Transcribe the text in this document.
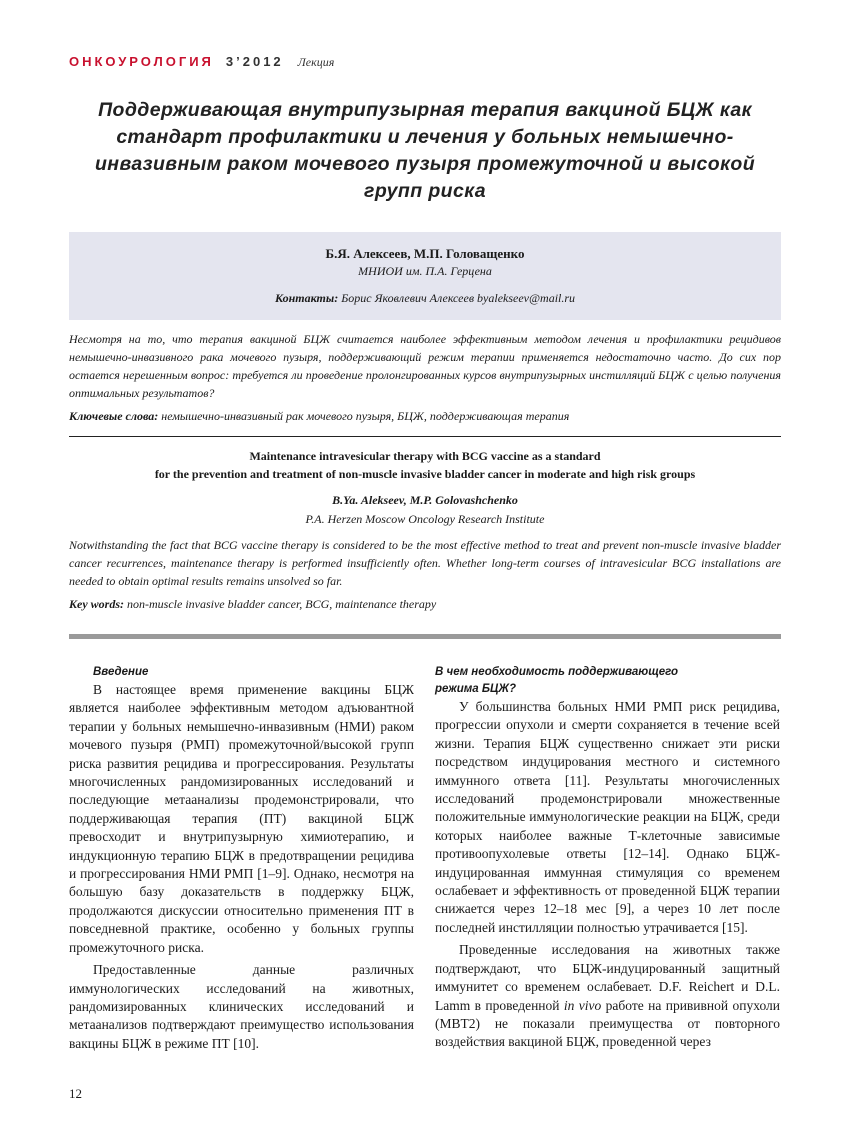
ОНКОУРОЛОГИЯ 3’2012 Лекция
Поддерживающая внутрипузырная терапия вакциной БЦЖ как стандарт профилактики и лечения у больных немышечно-инвазивным раком мочевого пузыря промежуточной и высокой групп риска
Б.Я. Алексеев, М.П. Головащенко
МНИОИ им. П.А. Герцена
Контакты: Борис Яковлевич Алексеев byalekseev@mail.ru
Несмотря на то, что терапия вакциной БЦЖ считается наиболее эффективным методом лечения и профилактики рецидивов немышечно-инвазивного рака мочевого пузыря, поддерживающий режим терапии применяется недостаточно часто. До сих пор остается нерешенным вопрос: требуется ли проведение пролонгированных курсов внутрипузырных инстилляций БЦЖ с целью получения оптимальных результатов?
Ключевые слова: немышечно-инвазивный рак мочевого пузыря, БЦЖ, поддерживающая терапия
Maintenance intravesicular therapy with BCG vaccine as a standard
for the prevention and treatment of non-muscle invasive bladder cancer in moderate and high risk groups
B.Ya. Alekseev, M.P. Golovashchenko
P.A. Herzen Moscow Oncology Research Institute
Notwithstanding the fact that BCG vaccine therapy is considered to be the most effective method to treat and prevent non-muscle invasive bladder cancer recurrences, maintenance therapy is performed insufficiently often. Whether long-term courses of intravesicular BCG installations are needed to obtain optimal results remains unsolved so far.
Key words: non-muscle invasive bladder cancer, BCG, maintenance therapy
Введение

В настоящее время применение вакцины БЦЖ является наиболее эффективным методом адъювантной терапии у больных немышечно-инвазивным (НМИ) раком мочевого пузыря (РМП) промежуточной/высокой групп риска развития рецидива и прогрессирования. Результаты многочисленных рандомизированных исследований и последующие метаанализы продемонстрировали, что поддерживающая терапия (ПТ) вакциной БЦЖ превосходит и внутрипузырную химиотерапию, и индукционную терапию БЦЖ в предотвращении рецидива и прогрессирования НМИ РМП [1–9]. Однако, несмотря на большую базу доказательств в поддержку БЦЖ, продолжаются дискуссии относительно применения ПТ в повседневной практике, особенно у больных группы промежуточного риска.

Предоставленные данные различных иммунологических исследований на животных, рандомизированных клинических исследований и метаанализов подтверждают преимущество использования вакцины БЦЖ в режиме ПТ [10].

В чем необходимость поддерживающего
режима БЦЖ?

У большинства больных НМИ РМП риск рецидива, прогрессии опухоли и смерти сохраняется в течение всей жизни. Терапия БЦЖ существенно снижает эти риски посредством индуцирования местного и системного иммунного ответа [11]. Результаты многочисленных исследований продемонстрировали множественные положительные иммунологические реакции на БЦЖ, среди которых наиболее важные Т-клеточные зависимые противоопухолевые ответы [12–14]. Однако БЦЖ-индуцированная иммунная стимуляция со временем ослабевает и эффективность от проведенной БЦЖ терапии снижается через 12–18 мес [9], а через 10 лет после последней инстилляции полностью утрачивается [15].

Проведенные исследования на животных также подтверждают, что БЦЖ-индуцированный защитный иммунитет со временем ослабевает. D.F. Reichert и D.L. Lamm в проведенной in vivo работе на прививной опухоли (MBT2) не показали преимущества от повторного воздействия вакциной БЦЖ, проведенной через

12
